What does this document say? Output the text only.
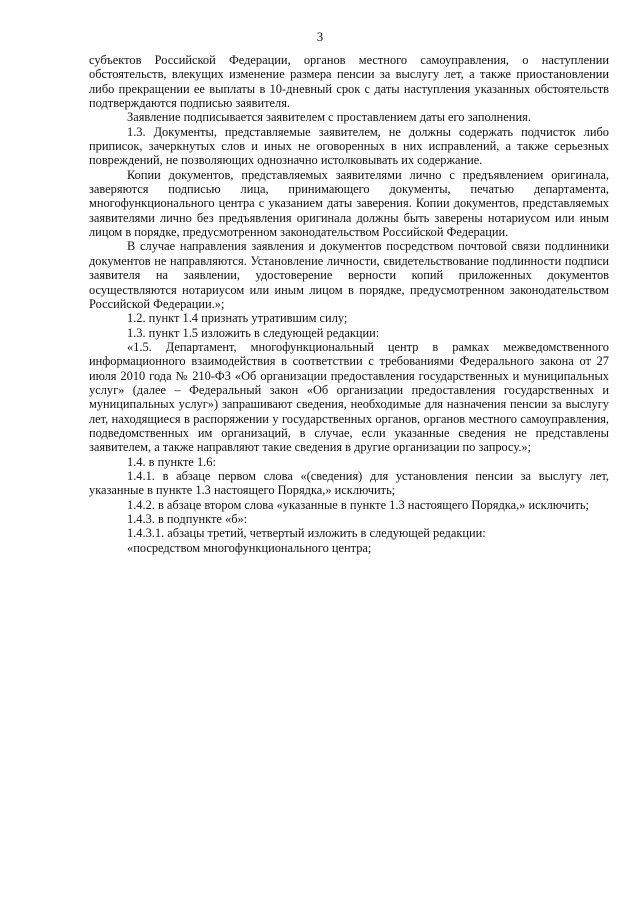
3

субъектов Российской Федерации, органов местного самоуправления, о наступлении обстоятельств, влекущих изменение размера пенсии за выслугу лет, а также приостановлении либо прекращении ее выплаты в 10-дневный срок с даты наступления указанных обстоятельств подтверждаются подписью заявителя.

Заявление подписывается заявителем с проставлением даты его заполнения.

1.3. Документы, представляемые заявителем, не должны содержать подчисток либо приписок, зачеркнутых слов и иных не оговоренных в них исправлений, а также серьезных повреждений, не позволяющих однозначно истолковывать их содержание.

Копии документов, представляемых заявителями лично с предъявлением оригинала, заверяются подписью лица, принимающего документы, печатью департамента, многофункционального центра с указанием даты заверения. Копии документов, представляемых заявителями лично без предъявления оригинала должны быть заверены нотариусом или иным лицом в порядке, предусмотренном законодательством Российской Федерации.

В случае направления заявления и документов посредством почтовой связи подлинники документов не направляются. Установление личности, свидетельствование подлинности подписи заявителя на заявлении, удостоверение верности копий приложенных документов осуществляются нотариусом или иным лицом в порядке, предусмотренном законодательством Российской Федерации.»;

1.2. пункт 1.4 признать утратившим силу;

1.3. пункт 1.5 изложить в следующей редакции:

«1.5. Департамент, многофункциональный центр в рамках межведомственного информационного взаимодействия в соответствии с требованиями Федерального закона от 27 июля 2010 года № 210-ФЗ «Об организации предоставления государственных и муниципальных услуг» (далее – Федеральный закон «Об организации предоставления государственных и муниципальных услуг») запрашивают сведения, необходимые для назначения пенсии за выслугу лет, находящиеся в распоряжении у государственных органов, органов местного самоуправления, подведомственных им организаций, в случае, если указанные сведения не представлены заявителем, а также направляют такие сведения в другие организации по запросу.»;

1.4. в пункте 1.6:

1.4.1. в абзаце первом слова «(сведения) для установления пенсии за выслугу лет, указанные в пункте 1.3 настоящего Порядка,» исключить;

1.4.2. в абзаце втором слова «указанные в пункте 1.3 настоящего Порядка,» исключить;

1.4.3. в подпункте «б»:

1.4.3.1. абзацы третий, четвертый изложить в следующей редакции:

«посредством многофункционального центра;
